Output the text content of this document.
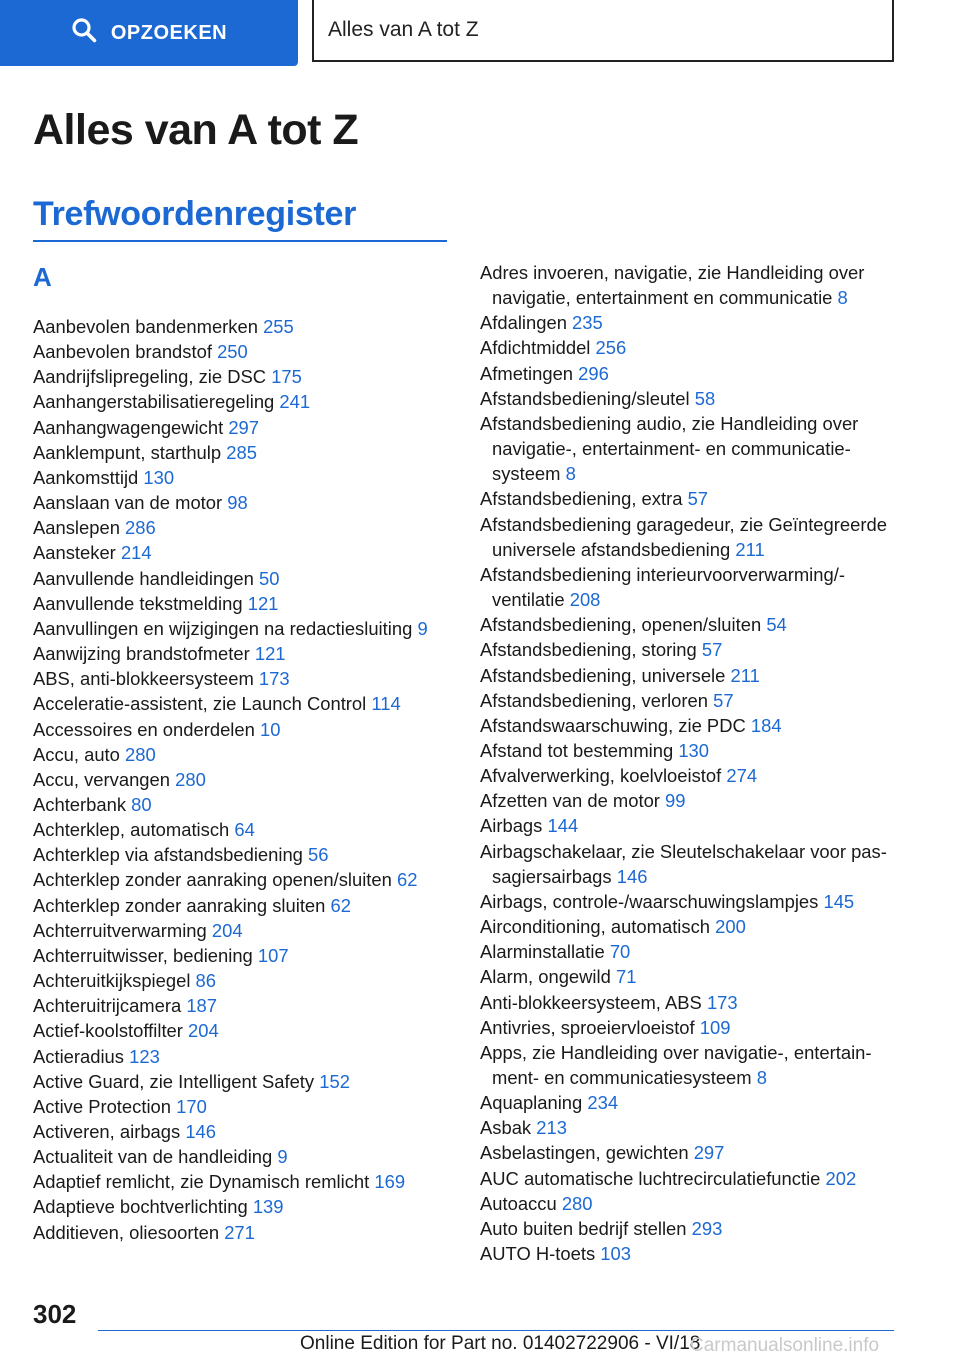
OPZOEKEN	Alles van A tot Z
Alles van A tot Z
Trefwoordenregister
A
Aanbevolen bandenmerken 255
Aanbevolen brandstof 250
Aandrijfslipregeling, zie DSC 175
Aanhangerstabilisatieregeling 241
Aanhangwagengewicht 297
Aanklempunt, starthulp 285
Aankomsttijd 130
Aanslaan van de motor 98
Aanslepen 286
Aansteker 214
Aanvullende handleidingen 50
Aanvullende tekstmelding 121
Aanvullingen en wijzigingen na redactiesluiting 9
Aanwijzing brandstofmeter 121
ABS, anti-blokkeersysteem 173
Acceleratie-assistent, zie Launch Control 114
Accessoires en onderdelen 10
Accu, auto 280
Accu, vervangen 280
Achterbank 80
Achterklep, automatisch 64
Achterklep via afstandsbediening 56
Achterklep zonder aanraking openen/sluiten 62
Achterklep zonder aanraking sluiten 62
Achterruitverwarming 204
Achterruitwisser, bediening 107
Achteruitkijkspiegel 86
Achteruitrijcamera 187
Actief-koolstoffilter 204
Actieradius 123
Active Guard, zie Intelligent Safety 152
Active Protection 170
Activeren, airbags 146
Actualiteit van de handleiding 9
Adaptief remlicht, zie Dynamisch remlicht 169
Adaptieve bochtverlichting 139
Additieven, oliesoorten 271
Adres invoeren, navigatie, zie Handleiding over navigatie, entertainment en communicatie 8
Afdalingen 235
Afdichtmiddel 256
Afmetingen 296
Afstandsbediening/sleutel 58
Afstandsbediening audio, zie Handleiding over navigatie-, entertainment- en communicatiesysteem 8
Afstandsbediening, extra 57
Afstandsbediening garagedeur, zie Geïntegreerde universele afstandsbediening 211
Afstandsbediening interieurvoorverwarming/ventilatie 208
Afstandsbediening, openen/sluiten 54
Afstandsbediening, storing 57
Afstandsbediening, universele 211
Afstandsbediening, verloren 57
Afstandswaarschuwing, zie PDC 184
Afstand tot bestemming 130
Afvalverwerking, koelvloeistof 274
Afzetten van de motor 99
Airbags 144
Airbagschakelaar, zie Sleutelschakelaar voor passagiersairbags 146
Airbags, controle-/waarschuwingslampjes 145
Airconditioning, automatisch 200
Alarminstallatie 70
Alarm, ongewild 71
Anti-blokkeersysteem, ABS 173
Antivries, sproeiervloeistof 109
Apps, zie Handleiding over navigatie-, entertainment- en communicatiesysteem 8
Aquaplaning 234
Asbak 213
Asbelastingen, gewichten 297
AUC automatische luchtrecirculatiefunctie 202
Autoaccu 280
Auto buiten bedrijf stellen 293
AUTO H-toets 103
302
Online Edition for Part no. 01402722906 - VI/18
Carmanualsonline.info
